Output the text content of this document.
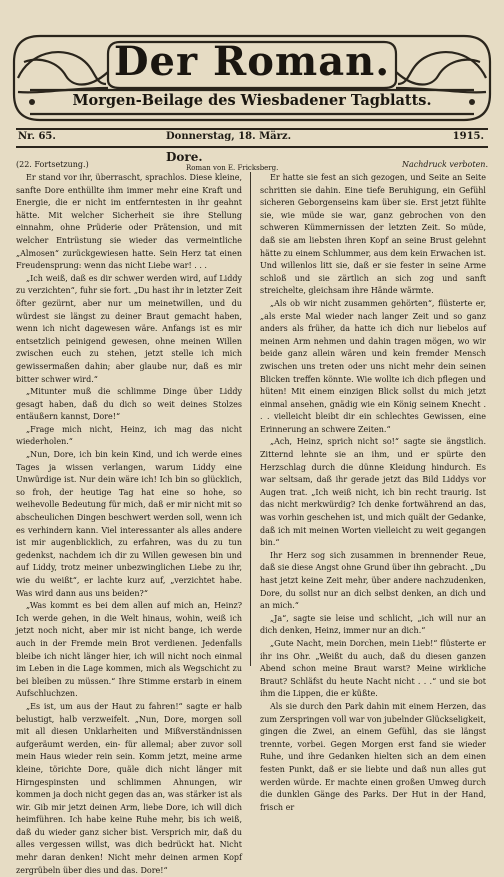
Der Roman.
Morgen-Beilage des Wiesbadener Tagblatts.
Nr. 65.	Donnerstag, 18. März.	1915.
(22. Fortsetzung.)
Dore.
Roman von E. Fricksberg.	Nachdruck verboten.

Er stand vor ihr, überrascht, sprachlos. Diese kleine, sanfte Dore enthüllte ihm immer mehr eine Kraft und Energie, die er nicht im entferntesten in ihr geahnt hätte. Mit welcher Sicherheit sie ihre Stellung einnahm, ohne Prüderie oder Prätension, und mit welcher Entrüstung sie wieder das vermeintliche „Almosen“ zurückgewiesen hatte. Sein Herz tat einen Freudensprung: wenn das nicht Liebe war! . . .

„Ich weiß, daß es dir schwer werden wird, auf Liddy zu verzichten“, fuhr sie fort. „Du hast ihr in letzter Zeit öfter gezürnt, aber nur um meinetwillen, und du würdest sie längst zu deiner Braut gemacht haben, wenn ich nicht dagewesen wäre. Anfangs ist es mir entsetzlich peinigend gewesen, ohne meinen Willen zwischen euch zu stehen, jetzt stelle ich mich gewissermaßen dahin; aber glaube nur, daß es mir bitter schwer wird.“

„Mitunter muß die schlimme Dinge über Liddy gesagt haben, daß du dich so weit deines Stolzes entäußern kannst, Dore!“

„Frage mich nicht, Heinz, ich mag das nicht wiederholen.“

„Nun, Dore, ich bin kein Kind, und ich werde eines Tages ja wissen verlangen, warum Liddy eine Unwürdige ist. Nur dein wäre ich! Ich bin so glücklich, so froh, der heutige Tag hat eine so hohe, so weihevolle Bedeutung für mich, daß er mir nicht mit so abscheulichen Dingen beschwert werden soll, wenn ich es verhindern kann. Viel interessanter als alles andere ist mir augenblicklich, zu erfahren, was du zu tun gedenkst, nachdem ich dir zu Willen gewesen bin und auf Liddy, trotz meiner unbezwinglichen Liebe zu ihr, wie du weißt“, er lachte kurz auf, „verzichtet habe. Was wird dann aus uns beiden?“

„Was kommt es bei dem allen auf mich an, Heinz? Ich werde gehen, in die Welt hinaus, wohin, weiß ich jetzt noch nicht, aber mir ist nicht bange, ich werde auch in der Fremde mein Brot verdienen. Jedenfalls bleibe ich nicht länger hier, ich will nicht noch einmal im Leben in die Lage kommen, mich als Wegschicht zu bei bleiben zu müssen.“ Ihre Stimme erstarb in einem Aufschluchzen.

„Es ist, um aus der Haut zu fahren!“ sagte er halb belustigt, halb verzweifelt. „Nun, Dore, morgen soll mit all diesen Unklarheiten und Mißverständnissen aufgeräumt werden, ein- für allemal; aber zuvor soll mein Haus wieder rein sein. Komm jetzt, meine arme kleine, törichte Dore, quäle dich nicht länger mit Hirngespinsten und schlimmen Ahnungen, wir kommen ja doch nicht gegen das an, was stärker ist als wir. Gib mir jetzt deinen Arm, liebe Dore, ich will dich heimführen. Ich habe keine Ruhe mehr, bis ich weiß, daß du wieder ganz sicher bist. Versprich mir, daß du alles vergessen willst, was dich bedrückt hat. Nicht mehr daran denken! Nicht mehr deinen armen Kopf zergrübeln über dies und das. Dore!“

Er hatte sie fest an sich gezogen, und Seite an Seite schritten sie dahin. Eine tiefe Beruhigung, ein Gefühl sicheren Geborgenseins kam über sie. Erst jetzt fühlte sie, wie müde sie war, ganz gebrochen von den schweren Kümmernissen der letzten Zeit. So müde, daß sie am liebsten ihren Kopf an seine Brust gelehnt hätte zu einem Schlummer, aus dem kein Erwachen ist. Und willenlos litt sie, daß er sie fester in seine Arme schloß und sie zärtlich an sich zog und sanft streichelte, gleichsam ihre Hände wärmte.

„Als ob wir nicht zusammen gehörten“, flüsterte er, „als erste Mal wieder nach langer Zeit und so ganz anders als früher, da hatte ich dich nur liebelos auf meinen Arm nehmen und dahin tragen mögen, wo wir beide ganz allein wären und kein fremder Mensch zwischen uns treten oder uns nicht mehr dein seinen Blicken treffen könnte. Wie wollte ich dich pflegen und hüten! Mit einem einzigen Blick sollst du mich jetzt einmal ansehen, gnädig wie ein König seinem Knecht . . . vielleicht bleibt dir ein schlechtes Gewissen, eine Erinnerung an schwere Zeiten.“

„Ach, Heinz, sprich nicht so!“ sagte sie ängstlich. Zitternd lehnte sie an ihm, und er spürte den Herzschlag durch die dünne Kleidung hindurch. Es war seltsam, daß ihr gerade jetzt das Bild Liddys vor Augen trat. „Ich weiß nicht, ich bin recht traurig. Ist das nicht merkwürdig? Ich denke fortwährend an das, was vorhin geschehen ist, und mich quält der Gedanke, daß ich mit meinen Worten vielleicht zu weit gegangen bin.“

Ihr Herz sog sich zusammen in brennender Reue, daß sie diese Angst ohne Grund über ihn gebracht. „Du hast jetzt keine Zeit mehr, über andere nachzudenken, Dore, du sollst nur an dich selbst denken, an dich und an mich.“

„Ja“, sagte sie leise und schlicht, „ich will nur an dich denken, Heinz, immer nur an dich.“

„Gute Nacht, mein Dorchen, mein Lieb!“ flüsterte er ihr ins Ohr. „Weißt du auch, daß du diesen ganzen Abend schon meine Braut warst? Meine wirkliche Braut? Schläfst du heute Nacht nicht . . .“ und sie bot ihm die Lippen, die er küßte.

Als sie durch den Park dahin mit einem Herzen, das zum Zerspringen voll war von jubelnder Glückseligkeit, gingen die Zwei, an einem Gefühl, das sie längst trennte, vorbei. Gegen Morgen erst fand sie wieder Ruhe, und ihre Gedanken hielten sich an dem einen festen Punkt, daß er sie liebte und daß nun alles gut werden würde. Er machte einen großen Umweg durch die dunklen Gänge des Parks. Der Hut in der Hand, frisch er
